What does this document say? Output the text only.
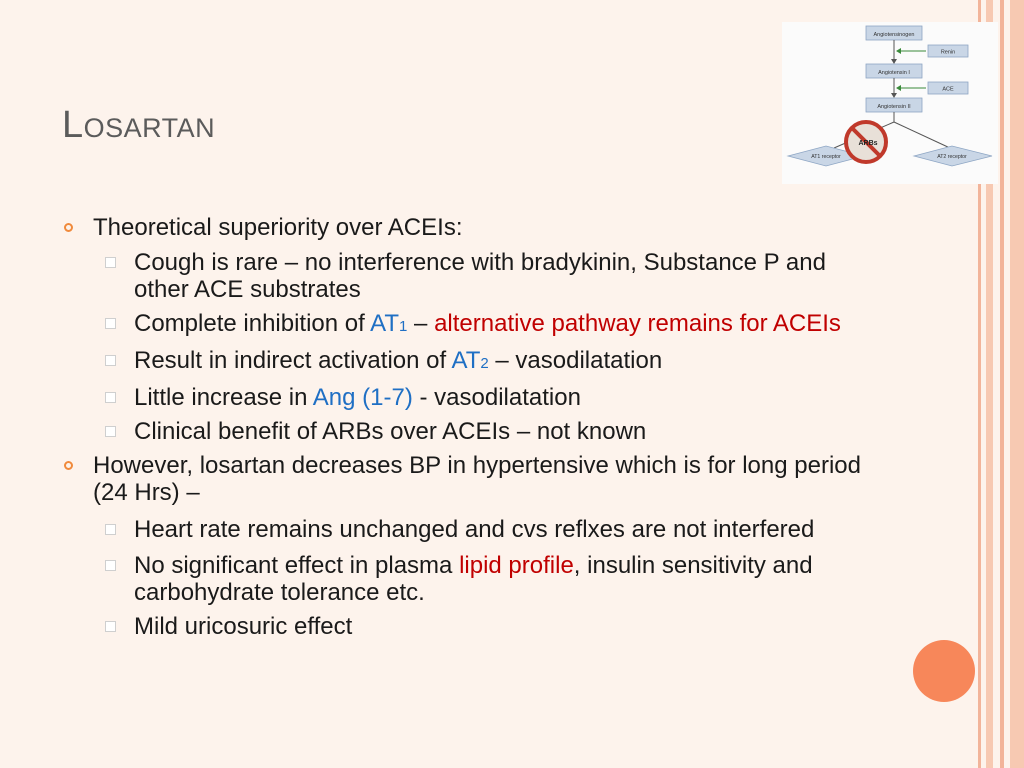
Losartan
Angiotensinogen
Renin
Angiotensin I
ACE
Angiotensin II
AT1 receptor	AT2 receptor
ARBs
Theoretical superiority over ACEIs:
Cough is rare – no interference with bradykinin, Substance P and other ACE substrates
Complete inhibition of AT1 – alternative pathway remains for ACEIs
Result in indirect activation of AT2 – vasodilatation
Little increase in Ang (1-7) - vasodilatation
Clinical benefit of ARBs over ACEIs – not known
However, losartan decreases BP in hypertensive which is for long period (24 Hrs) –
Heart rate remains unchanged and cvs reflxes are not interfered
No significant effect in plasma lipid profile, insulin sensitivity and carbohydrate tolerance etc.
Mild uricosuric effect
